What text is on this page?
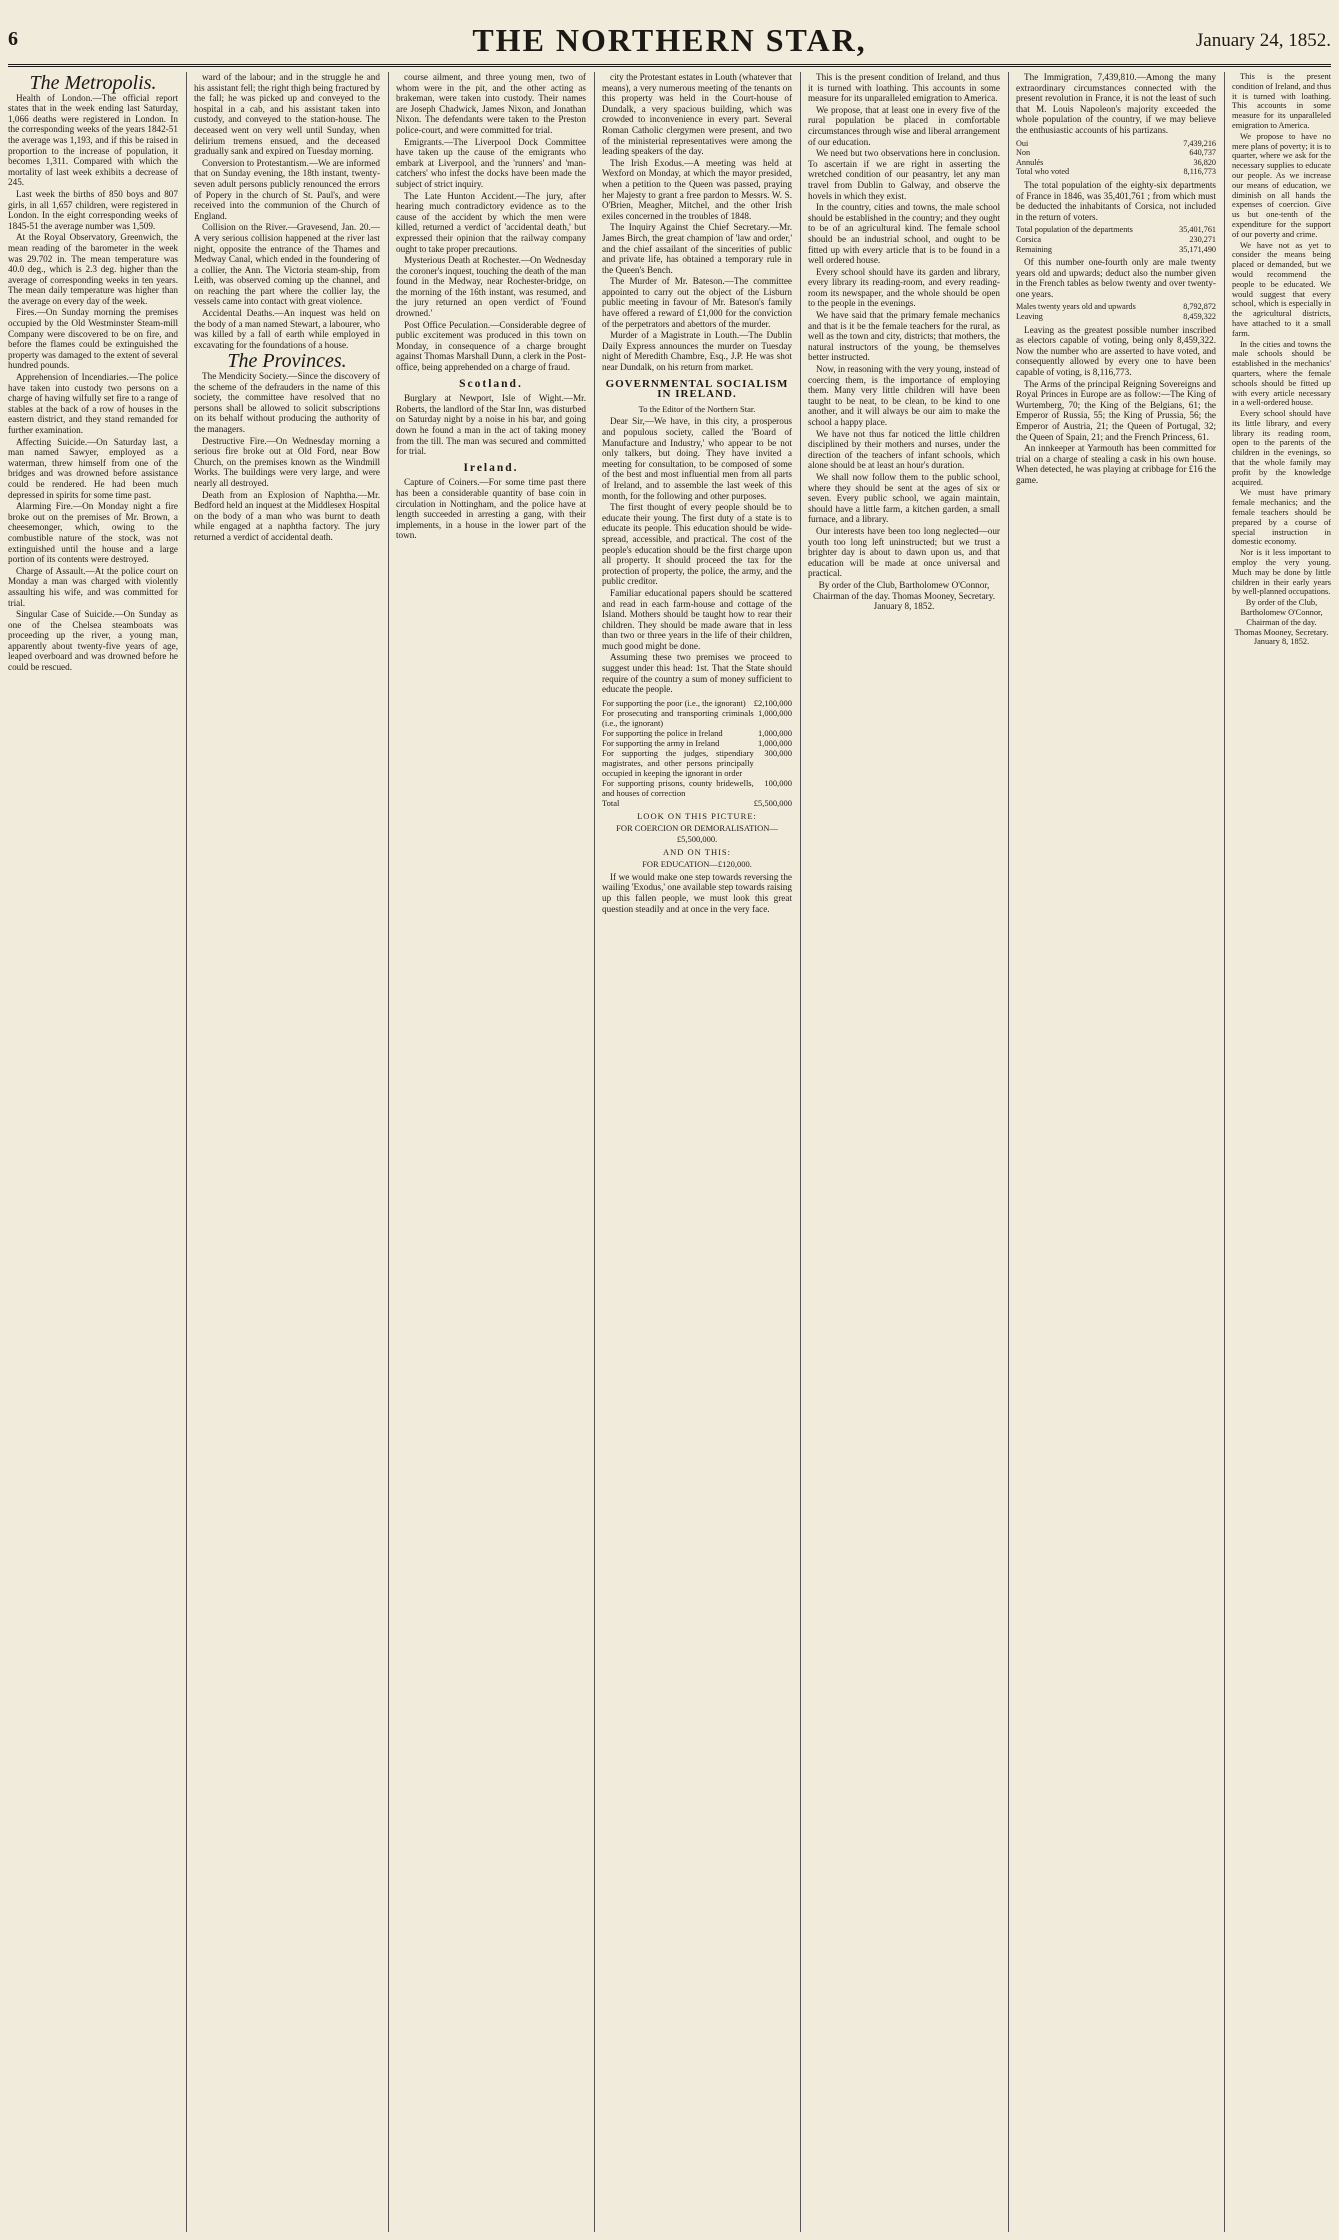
6	THE NORTHERN STAR,	January 24, 1852.
The Metropolis.

Health of London.—The official report states that in the week ending last Saturday, 1,066 deaths were registered in London. In the corresponding weeks of the years 1842-51 the average was 1,193, and if this be raised in proportion to the increase of population, it becomes 1,311. Compared with which the mortality of last week exhibits a decrease of 245.

Last week the births of 850 boys and 807 girls, in all 1,657 children, were registered in London. In the eight corresponding weeks of 1845-51 the average number was 1,509.

At the Royal Observatory, Greenwich, the mean reading of the barometer in the week was 29.702 in. The mean temperature was 40.0 deg., which is 2.3 deg. higher than the average of corresponding weeks in ten years. The mean daily temperature was higher than the average on every day of the week.

Fires.—On Sunday morning the premises occupied by the Old Westminster Steam-mill Company were discovered to be on fire, and before the flames could be extinguished the property was damaged to the extent of several hundred pounds.

Apprehension of Incendiaries.—The police have taken into custody two persons on a charge of having wilfully set fire to a range of stables at the back of a row of houses in the eastern district, and they stand remanded for further examination.

Affecting Suicide.—On Saturday last, a man named Sawyer, employed as a waterman, threw himself from one of the bridges and was drowned before assistance could be rendered. He had been much depressed in spirits for some time past.

Alarming Fire.—On Monday night a fire broke out on the premises of Mr. Brown, a cheesemonger, which, owing to the combustible nature of the stock, was not extinguished until the house and a large portion of its contents were destroyed.

Charge of Assault.—At the police court on Monday a man was charged with violently assaulting his wife, and was committed for trial.

Singular Case of Suicide.—On Sunday as one of the Chelsea steamboats was proceeding up the river, a young man, apparently about twenty-five years of age, leaped overboard and was drowned before he could be rescued.

ward of the labour; and in the struggle he and his assistant fell; the right thigh being fractured by the fall; he was picked up and conveyed to the hospital in a cab, and his assistant taken into custody, and conveyed to the station-house. The deceased went on very well until Sunday, when delirium tremens ensued, and the deceased gradually sank and expired on Tuesday morning.

Conversion to Protestantism.—We are informed that on Sunday evening, the 18th instant, twenty-seven adult persons publicly renounced the errors of Popery in the church of St. Paul's, and were received into the communion of the Church of England.

Collision on the River.—Gravesend, Jan. 20.—A very serious collision happened at the river last night, opposite the entrance of the Thames and Medway Canal, which ended in the foundering of a collier, the Ann. The Victoria steam-ship, from Leith, was observed coming up the channel, and on reaching the part where the collier lay, the vessels came into contact with great violence.

Accidental Deaths.—An inquest was held on the body of a man named Stewart, a labourer, who was killed by a fall of earth while employed in excavating for the foundations of a house.

The Provinces.

The Mendicity Society.—Since the discovery of the scheme of the defrauders in the name of this society, the committee have resolved that no persons shall be allowed to solicit subscriptions on its behalf without producing the authority of the managers.

Destructive Fire.—On Wednesday morning a serious fire broke out at Old Ford, near Bow Church, on the premises known as the Windmill Works. The buildings were very large, and were nearly all destroyed.

Death from an Explosion of Naphtha.—Mr. Bedford held an inquest at the Middlesex Hospital on the body of a man who was burnt to death while engaged at a naphtha factory. The jury returned a verdict of accidental death.

course ailment, and three young men, two of whom were in the pit, and the other acting as brakeman, were taken into custody. Their names are Joseph Chadwick, James Nixon, and Jonathan Nixon. The defendants were taken to the Preston police-court, and were committed for trial.

Emigrants.—The Liverpool Dock Committee have taken up the cause of the emigrants who embark at Liverpool, and the 'runners' and 'man-catchers' who infest the docks have been made the subject of strict inquiry.

The Late Hunton Accident.—The jury, after hearing much contradictory evidence as to the cause of the accident by which the men were killed, returned a verdict of 'accidental death,' but expressed their opinion that the railway company ought to take proper precautions.

Mysterious Death at Rochester.—On Wednesday the coroner's inquest, touching the death of the man found in the Medway, near Rochester-bridge, on the morning of the 16th instant, was resumed, and the jury returned an open verdict of 'Found drowned.'

Post Office Peculation.—Considerable degree of public excitement was produced in this town on Monday, in consequence of a charge brought against Thomas Marshall Dunn, a clerk in the Post-office, being apprehended on a charge of fraud.

Scotland.

Burglary at Newport, Isle of Wight.—Mr. Roberts, the landlord of the Star Inn, was disturbed on Saturday night by a noise in his bar, and going down he found a man in the act of taking money from the till. The man was secured and committed for trial.

Ireland.

Capture of Coiners.—For some time past there has been a considerable quantity of base coin in circulation in Nottingham, and the police have at length succeeded in arresting a gang, with their implements, in a house in the lower part of the town.

city the Protestant estates in Louth (whatever that means), a very numerous meeting of the tenants on this property was held in the Court-house of Dundalk, a very spacious building, which was crowded to inconvenience in every part. Several Roman Catholic clergymen were present, and two of the ministerial representatives were among the leading speakers of the day.

The Irish Exodus.—A meeting was held at Wexford on Monday, at which the mayor presided, when a petition to the Queen was passed, praying her Majesty to grant a free pardon to Messrs. W. S. O'Brien, Meagher, Mitchel, and the other Irish exiles concerned in the troubles of 1848.

The Inquiry Against the Chief Secretary.—Mr. James Birch, the great champion of 'law and order,' and the chief assailant of the sincerities of public and private life, has obtained a temporary rule in the Queen's Bench.

The Murder of Mr. Bateson.—The committee appointed to carry out the object of the Lisburn public meeting in favour of Mr. Bateson's family have offered a reward of £1,000 for the conviction of the perpetrators and abettors of the murder.

Murder of a Magistrate in Louth.—The Dublin Daily Express announces the murder on Tuesday night of Meredith Chambre, Esq., J.P. He was shot near Dundalk, on his return from market.

GOVERNMENTAL SOCIALISM IN IRELAND.
To the Editor of the Northern Star.

Dear Sir,—We have, in this city, a prosperous and populous society, called the 'Board of Manufacture and Industry,' who appear to be not only talkers, but doing. They have invited a meeting for consultation, to be composed of some of the best and most influential men from all parts of Ireland, and to assemble the last week of this month, for the following and other purposes.

The first thought of every people should be to educate their young. The first duty of a state is to educate its people. This education should be wide-spread, accessible, and practical. The cost of the people's education should be the first charge upon all property. It should proceed the tax for the protection of property, the police, the army, and the public creditor.

Familiar educational papers should be scattered and read in each farm-house and cottage of the Island. Mothers should be taught how to rear their children. They should be made aware that in less than two or three years in the life of their children, much good might be done.

Assuming these two premises we proceed to suggest under this head: 1st. That the State should require of the country a sum of money sufficient to educate the people.

For supporting the poor (i.e., the ignorant)	£2,100,000
For prosecuting and transporting criminals (i.e., the ignorant)	1,000,000
For supporting the police in Ireland	1,000,000
For supporting the army in Ireland	1,000,000
For supporting the judges, stipendiary magistrates, and other persons principally occupied in keeping the ignorant in order	300,000
For supporting prisons, county bridewells, and houses of correction	100,000
Total	£5,500,000
LOOK ON THIS PICTURE:
FOR COERCION OR DEMORALISATION—£5,500,000.
AND ON THIS:
FOR EDUCATION—£120,000.

If we would make one step towards reversing the wailing 'Exodus,' one available step towards raising up this fallen people, we must look this great question steadily and at once in the very face.

This is the present condition of Ireland, and thus it is turned with loathing. This accounts in some measure for its unparalleled emigration to America.

We propose, that at least one in every five of the rural population be placed in comfortable circumstances through wise and liberal arrangement of our education.

We need but two observations here in conclusion. To ascertain if we are right in asserting the wretched condition of our peasantry, let any man travel from Dublin to Galway, and observe the hovels in which they exist.

In the country, cities and towns, the male school should be established in the country; and they ought to be of an agricultural kind. The female school should be an industrial school, and ought to be fitted up with every article that is to be found in a well ordered house.

Every school should have its garden and library, every library its reading-room, and every reading-room its newspaper, and the whole should be open to the people in the evenings.

We have said that the primary female mechanics and that is it be the female teachers for the rural, as well as the town and city, districts; that mothers, the natural instructors of the young, be themselves better instructed.

Now, in reasoning with the very young, instead of coercing them, is the importance of employing them. Many very little children will have been taught to be neat, to be clean, to be kind to one another, and it will always be our aim to make the school a happy place.

We have not thus far noticed the little children disciplined by their mothers and nurses, under the direction of the teachers of infant schools, which alone should be at least an hour's duration.

We shall now follow them to the public school, where they should be sent at the ages of six or seven. Every public school, we again maintain, should have a little farm, a kitchen garden, a small furnace, and a library.

Our interests have been too long neglected—our youth too long left uninstructed; but we trust a brighter day is about to dawn upon us, and that education will be made at once universal and practical.

By order of the Club, Bartholomew O'Connor, Chairman of the day. Thomas Mooney, Secretary. January 8, 1852.

The Immigration, 7,439,810.—Among the many extraordinary circumstances connected with the present revolution in France, it is not the least of such that M. Louis Napoleon's majority exceeded the whole population of the country, if we may believe the enthusiastic accounts of his partizans.

Oui	7,439,216
Non	640,737
Annulés	36,820
Total who voted	8,116,773

The total population of the eighty-six departments of France in 1846, was 35,401,761 ; from which must be deducted the inhabitants of Corsica, not included in the return of voters.

Total population of the departments	35,401,761
Corsica	230,271
Remaining	35,171,490

Of this number one-fourth only are male twenty years old and upwards; deduct also the number given in the French tables as below twenty and over twenty-one years.

Males twenty years old and upwards	8,792,872
Leaving	8,459,322

Leaving as the greatest possible number inscribed as electors capable of voting, being only 8,459,322. Now the number who are asserted to have voted, and consequently allowed by every one to have been capable of voting, is 8,116,773.

The Arms of the principal Reigning Sovereigns and Royal Princes in Europe are as follow:—The King of Wurtemberg, 70; the King of the Belgians, 61; the Emperor of Russia, 55; the King of Prussia, 56; the Emperor of Austria, 21; the Queen of Portugal, 32; the Queen of Spain, 21; and the French Princess, 61.

An innkeeper at Yarmouth has been committed for trial on a charge of stealing a cask in his own house. When detected, he was playing at cribbage for £16 the game.

This is the present condition of Ireland, and thus it is turned with loathing. This accounts in some measure for its unparalleled emigration to America.

We propose to have no mere plans of poverty; it is to quarter, where we ask for the necessary supplies to educate our people. As we increase our means of education, we diminish on all hands the expenses of coercion. Give us but one-tenth of the expenditure for the support of our poverty and crime.

We have not as yet to consider the means being placed or demanded, but we would recommend the people to be educated. We would suggest that every school, which is especially in the agricultural districts, have attached to it a small farm.

In the cities and towns the male schools should be established in the mechanics' quarters, where the female schools should be fitted up with every article necessary in a well-ordered house.

Every school should have its little library, and every library its reading room, open to the parents of the children in the evenings, so that the whole family may profit by the knowledge acquired.

We must have primary female mechanics; and the female teachers should be prepared by a course of special instruction in domestic economy.

Nor is it less important to employ the very young. Much may be done by little children in their early years by well-planned occupations.

By order of the Club, Bartholomew O'Connor, Chairman of the day. Thomas Mooney, Secretary. January 8, 1852.
